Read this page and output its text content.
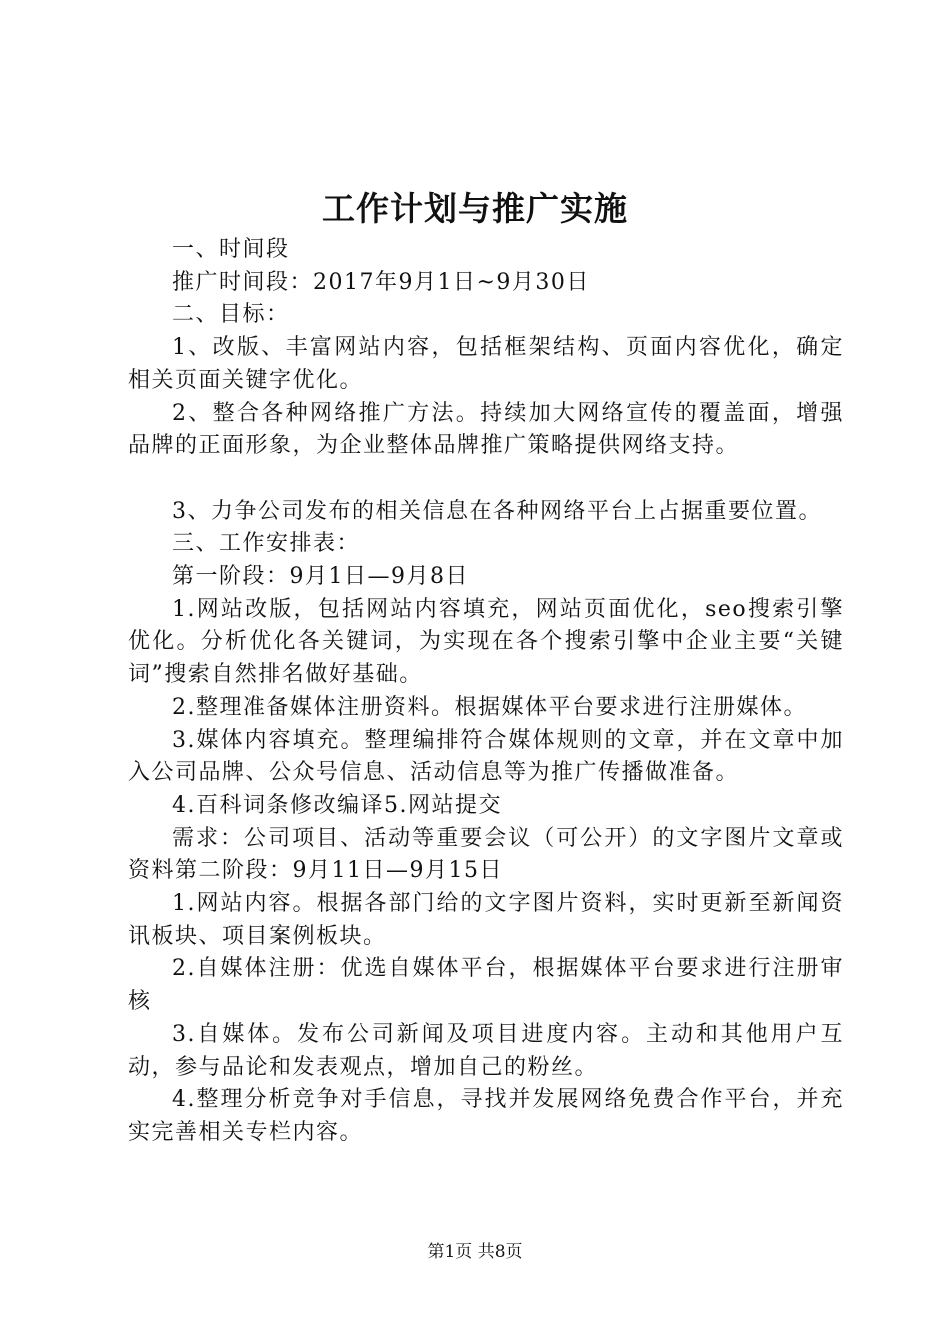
工作计划与推广实施

一、时间段

推广时间段：2017年9月1日~9月30日

二、目标：

1、改版、丰富网站内容，包括框架结构、页面内容优化，确定相关页面关键字优化。

2、整合各种网络推广方法。持续加大网络宣传的覆盖面，增强品牌的正面形象，为企业整体品牌推广策略提供网络支持。

3、力争公司发布的相关信息在各种网络平台上占据重要位置。

三、工作安排表：

第一阶段：9月1日—9月8日

1.网站改版，包括网站内容填充，网站页面优化，seo搜索引擎优化。分析优化各关键词，为实现在各个搜索引擎中企业主要“关键词”搜索自然排名做好基础。

2.整理准备媒体注册资料。根据媒体平台要求进行注册媒体。

3.媒体内容填充。整理编排符合媒体规则的文章，并在文章中加入公司品牌、公众号信息、活动信息等为推广传播做准备。

4.百科词条修改编译5.网站提交

需求：公司项目、活动等重要会议（可公开）的文字图片文章或资料第二阶段：9月11日—9月15日

1.网站内容。根据各部门给的文字图片资料，实时更新至新闻资讯板块、项目案例板块。

2.自媒体注册：优选自媒体平台，根据媒体平台要求进行注册审核

3.自媒体。发布公司新闻及项目进度内容。主动和其他用户互动，参与品论和发表观点，增加自己的粉丝。

4.整理分析竞争对手信息，寻找并发展网络免费合作平台，并充实完善相关专栏内容。

第1页 共8页
